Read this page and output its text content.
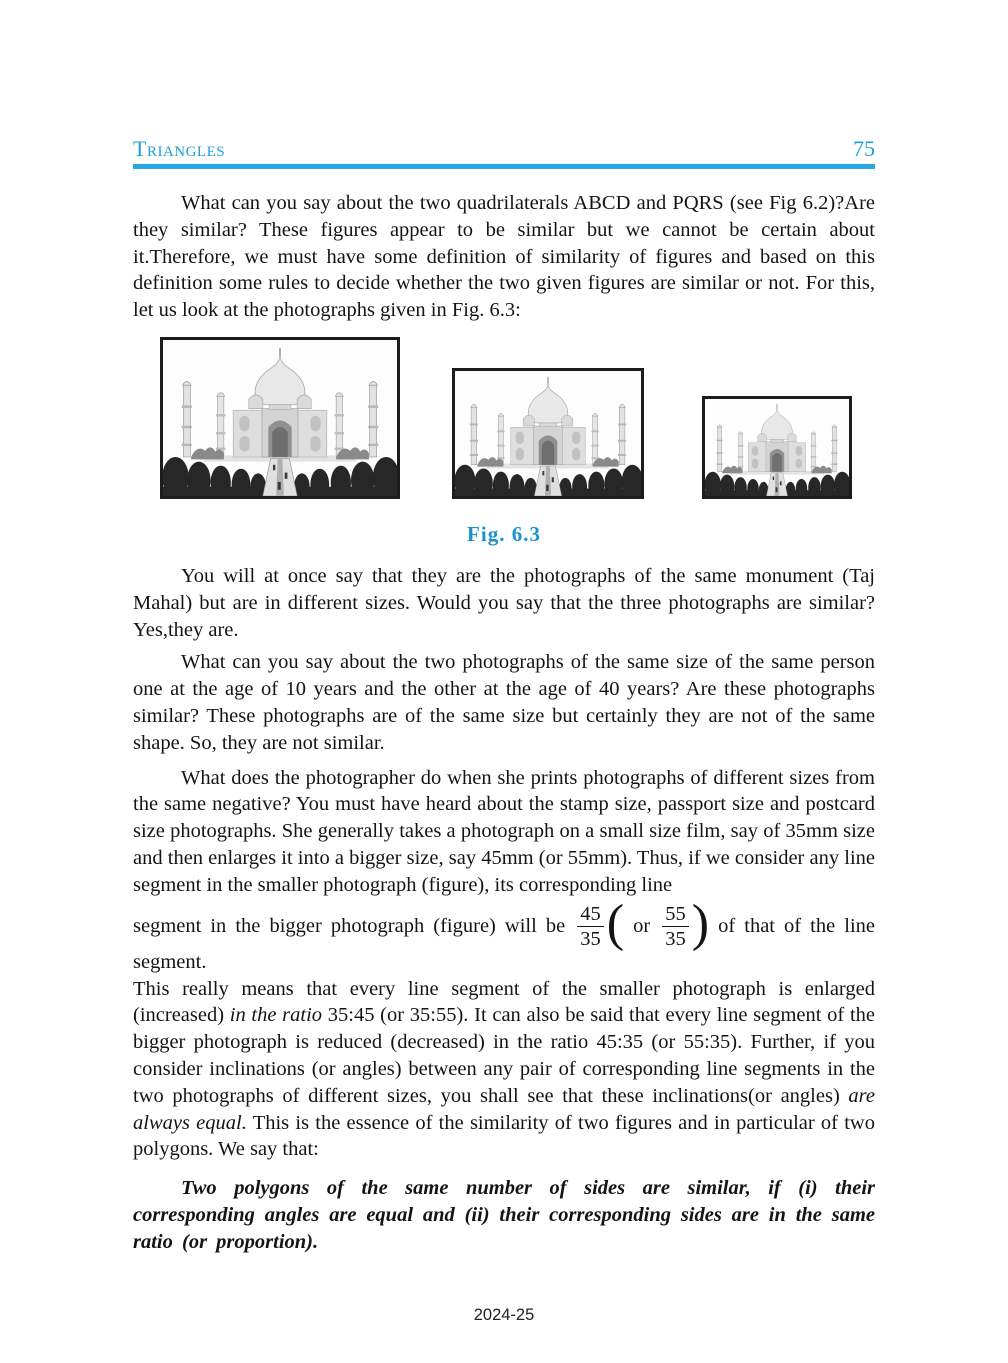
Triangles	75

What can you say about the two quadrilaterals ABCD and PQRS (see Fig 6.2)?Are they similar? These figures appear to be similar but we cannot be certain about it.Therefore, we must have some definition of similarity of figures and based on this definition some rules to decide whether the two given figures are similar or not. For this, let us look at the photographs given in Fig. 6.3:

Fig. 6.3

You will at once say that they are the photographs of the same monument (Taj Mahal) but are in different sizes. Would you say that the three photographs are similar? Yes,they are.

What can you say about the two photographs of the same size of the same person one at the age of 10 years and the other at the age of 40 years? Are these photographs similar? These photographs are of the same size but certainly they are not of the same shape. So, they are not similar.

What does the photographer do when she prints photographs of different sizes from the same negative? You must have heard about the stamp size, passport size and postcard size photographs. She generally takes a photograph on a small size film, say of 35mm size and then enlarges it into a bigger size, say 45mm (or 55mm). Thus, if we consider any line segment in the smaller photograph (figure), its corresponding line

segment in the bigger photograph (figure) will be $\frac{45}{35}$ ( or $\frac{55}{35}$ ) of that of the line segment.

This really means that every line segment of the smaller photograph is enlarged (increased) in the ratio 35:45 (or 35:55). It can also be said that every line segment of the bigger photograph is reduced (decreased) in the ratio 45:35 (or 55:35). Further, if you consider inclinations (or angles) between any pair of corresponding line segments in the two photographs of different sizes, you shall see that these inclinations(or angles) are always equal. This is the essence of the similarity of two figures and in particular of two polygons. We say that:

Two polygons of the same number of sides are similar, if (i) their corresponding angles are equal and (ii) their corresponding sides are in the same ratio (or proportion).

2024-25
